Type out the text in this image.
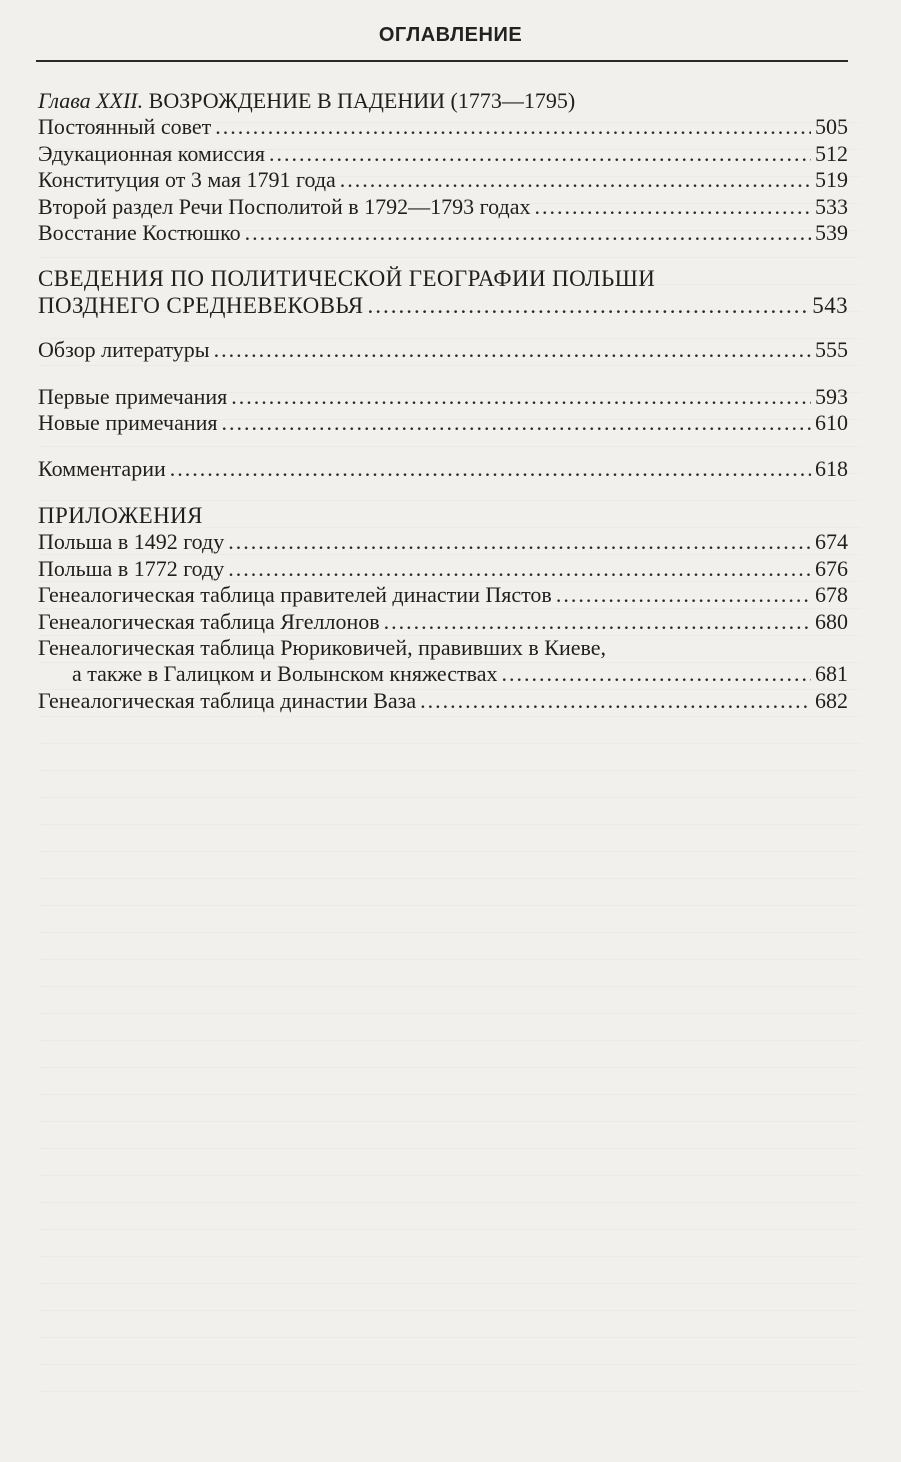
ОГЛАВЛЕНИЕ
Глава XXII. ВОЗРОЖДЕНИЕ В ПАДЕНИИ (1773—1795)
Постоянный совет .....	505
Эдукационная комиссия .....	512
Конституция от 3 мая 1791 года .....	519
Второй раздел Речи Посполитой в 1792—1793 годах .....	533
Восстание Костюшко .....	539
СВЕДЕНИЯ ПО ПОЛИТИЧЕСКОЙ ГЕОГРАФИИ ПОЛЬШИ
ПОЗДНЕГО СРЕДНЕВЕКОВЬЯ .....	543
Обзор литературы .....	555
Первые примечания .....	593
Новые примечания .....	610
Комментарии .....	618
ПРИЛОЖЕНИЯ
Польша в 1492 году .....	674
Польша в 1772 году .....	676
Генеалогическая таблица правителей династии Пястов .....	678
Генеалогическая таблица Ягеллонов .....	680
Генеалогическая таблица Рюриковичей, правивших в Киеве,
а также в Галицком и Волынском княжествах .....	681
Генеалогическая таблица династии Ваза .....	682
